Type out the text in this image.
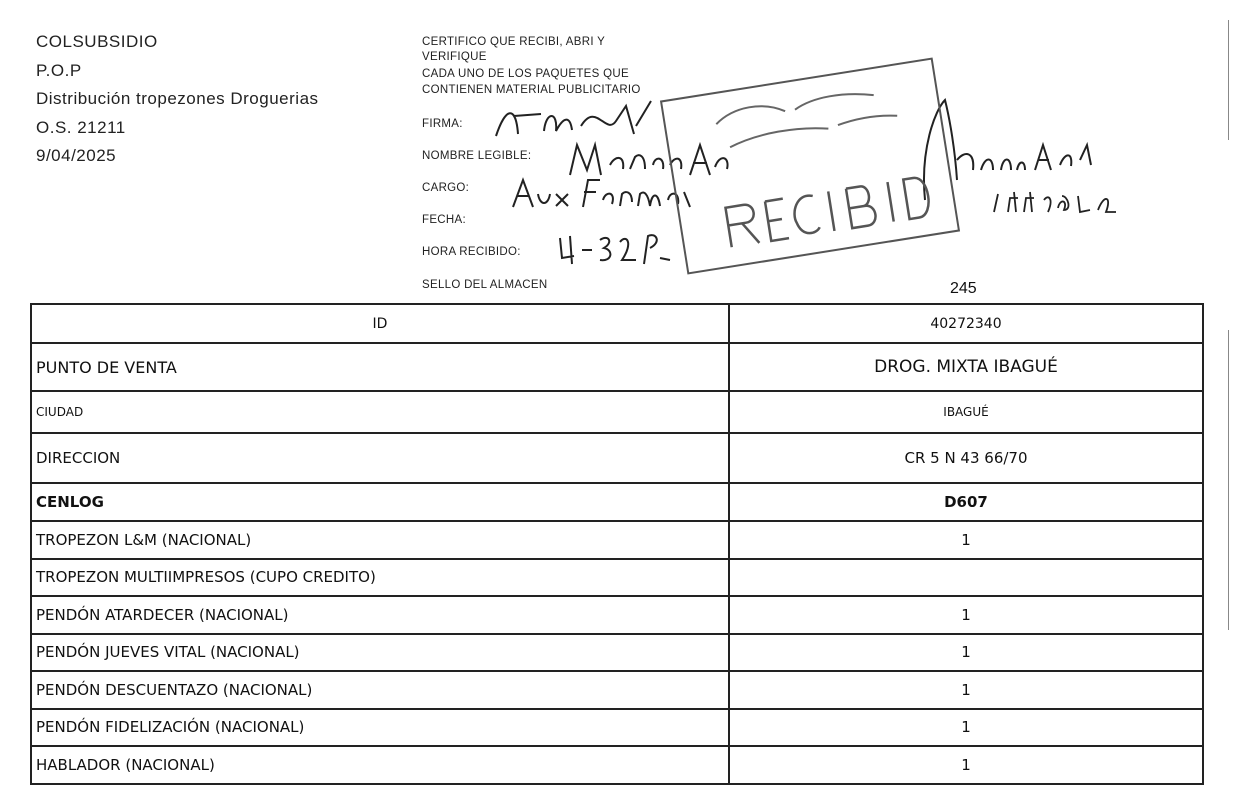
COLSUBSIDIO
P.O.P
Distribución tropezones Droguerias
O.S. 21211
9/04/2025
CERTIFICO QUE RECIBI, ABRI Y
VERIFIQUE
CADA UNO DE LOS PAQUETES QUE
CONTIENEN MATERIAL PUBLICITARIO
FIRMA:
NOMBRE LEGIBLE:
CARGO:
FECHA:
HORA RECIBIDO:
SELLO DEL ALMACEN	245
ID	40272340
PUNTO DE VENTA	DROG. MIXTA IBAGUÉ
CIUDAD	IBAGUÉ
DIRECCION	CR 5 N 43 66/70
CENLOG	D607
TROPEZON L&M (NACIONAL)	1
TROPEZON MULTIIMPRESOS (CUPO CREDITO)	
PENDÓN ATARDECER (NACIONAL)	1
PENDÓN JUEVES VITAL (NACIONAL)	1
PENDÓN DESCUENTAZO (NACIONAL)	1
PENDÓN FIDELIZACIÓN (NACIONAL)	1
HABLADOR (NACIONAL)	1
